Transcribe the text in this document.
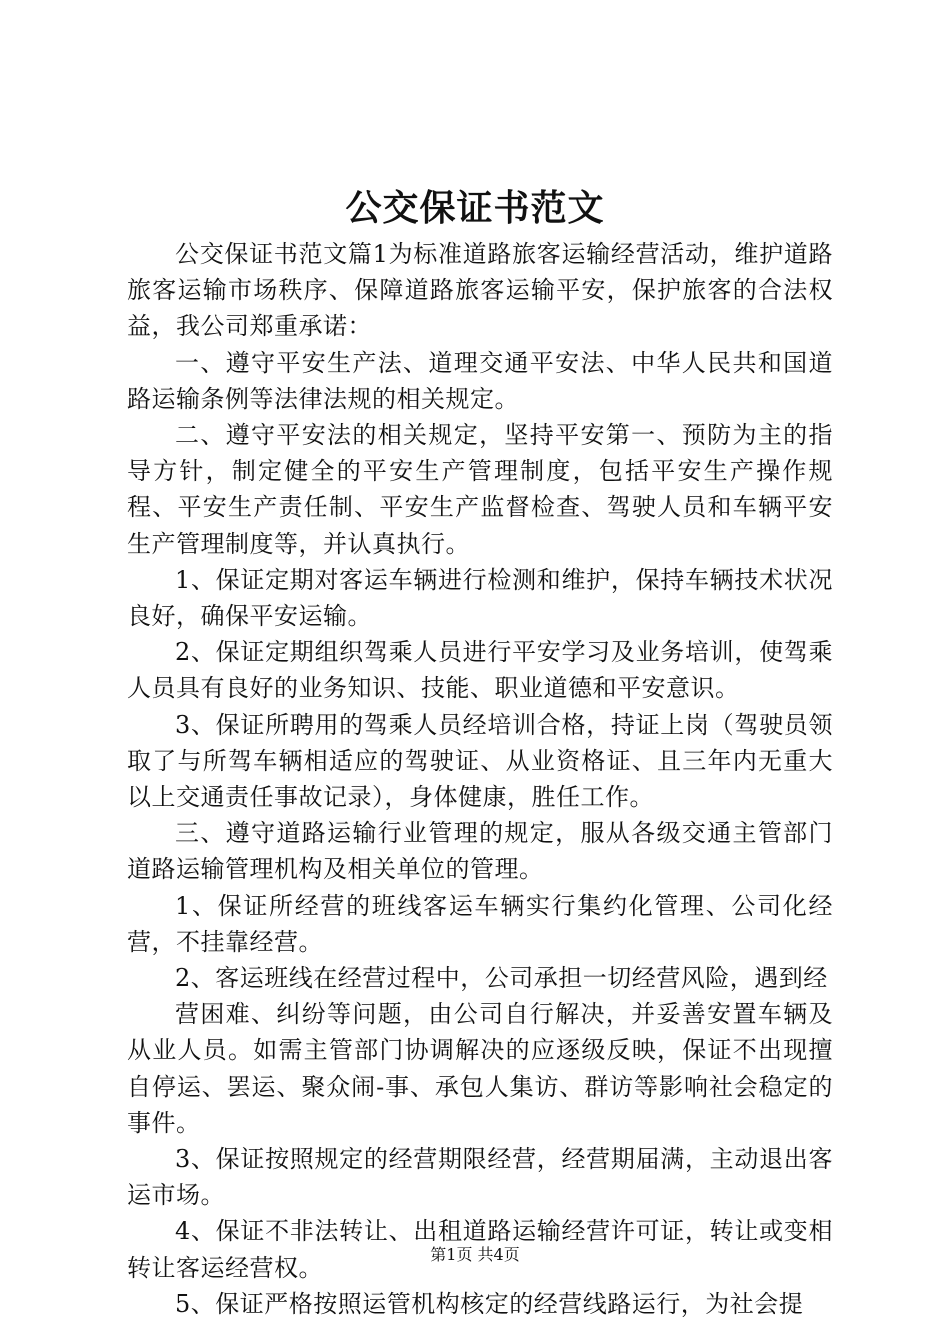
公交保证书范文

公交保证书范文篇1为标准道路旅客运输经营活动，维护道路旅客运输市场秩序、保障道路旅客运输平安，保护旅客的合法权益，我公司郑重承诺：

一、遵守平安生产法、道理交通平安法、中华人民共和国道路运输条例等法律法规的相关规定。

二、遵守平安法的相关规定，坚持平安第一、预防为主的指导方针，制定健全的平安生产管理制度，包括平安生产操作规程、平安生产责任制、平安生产监督检查、驾驶人员和车辆平安生产管理制度等，并认真执行。

1、保证定期对客运车辆进行检测和维护，保持车辆技术状况良好，确保平安运输。

2、保证定期组织驾乘人员进行平安学习及业务培训，使驾乘人员具有良好的业务知识、技能、职业道德和平安意识。

3、保证所聘用的驾乘人员经培训合格，持证上岗（驾驶员领取了与所驾车辆相适应的驾驶证、从业资格证、且三年内无重大以上交通责任事故记录），身体健康，胜任工作。

三、遵守道路运输行业管理的规定，服从各级交通主管部门道路运输管理机构及相关单位的管理。

1、保证所经营的班线客运车辆实行集约化管理、公司化经营，不挂靠经营。

2、客运班线在经营过程中，公司承担一切经营风险，遇到经

营困难、纠纷等问题，由公司自行解决，并妥善安置车辆及从业人员。如需主管部门协调解决的应逐级反映，保证不出现擅自停运、罢运、聚众闹-事、承包人集访、群访等影响社会稳定的事件。

3、保证按照规定的经营期限经营，经营期届满，主动退出客运市场。

4、保证不非法转让、出租道路运输经营许可证，转让或变相转让客运经营权。

5、保证严格按照运管机构核定的经营线路运行，为社会提

第1页 共4页
